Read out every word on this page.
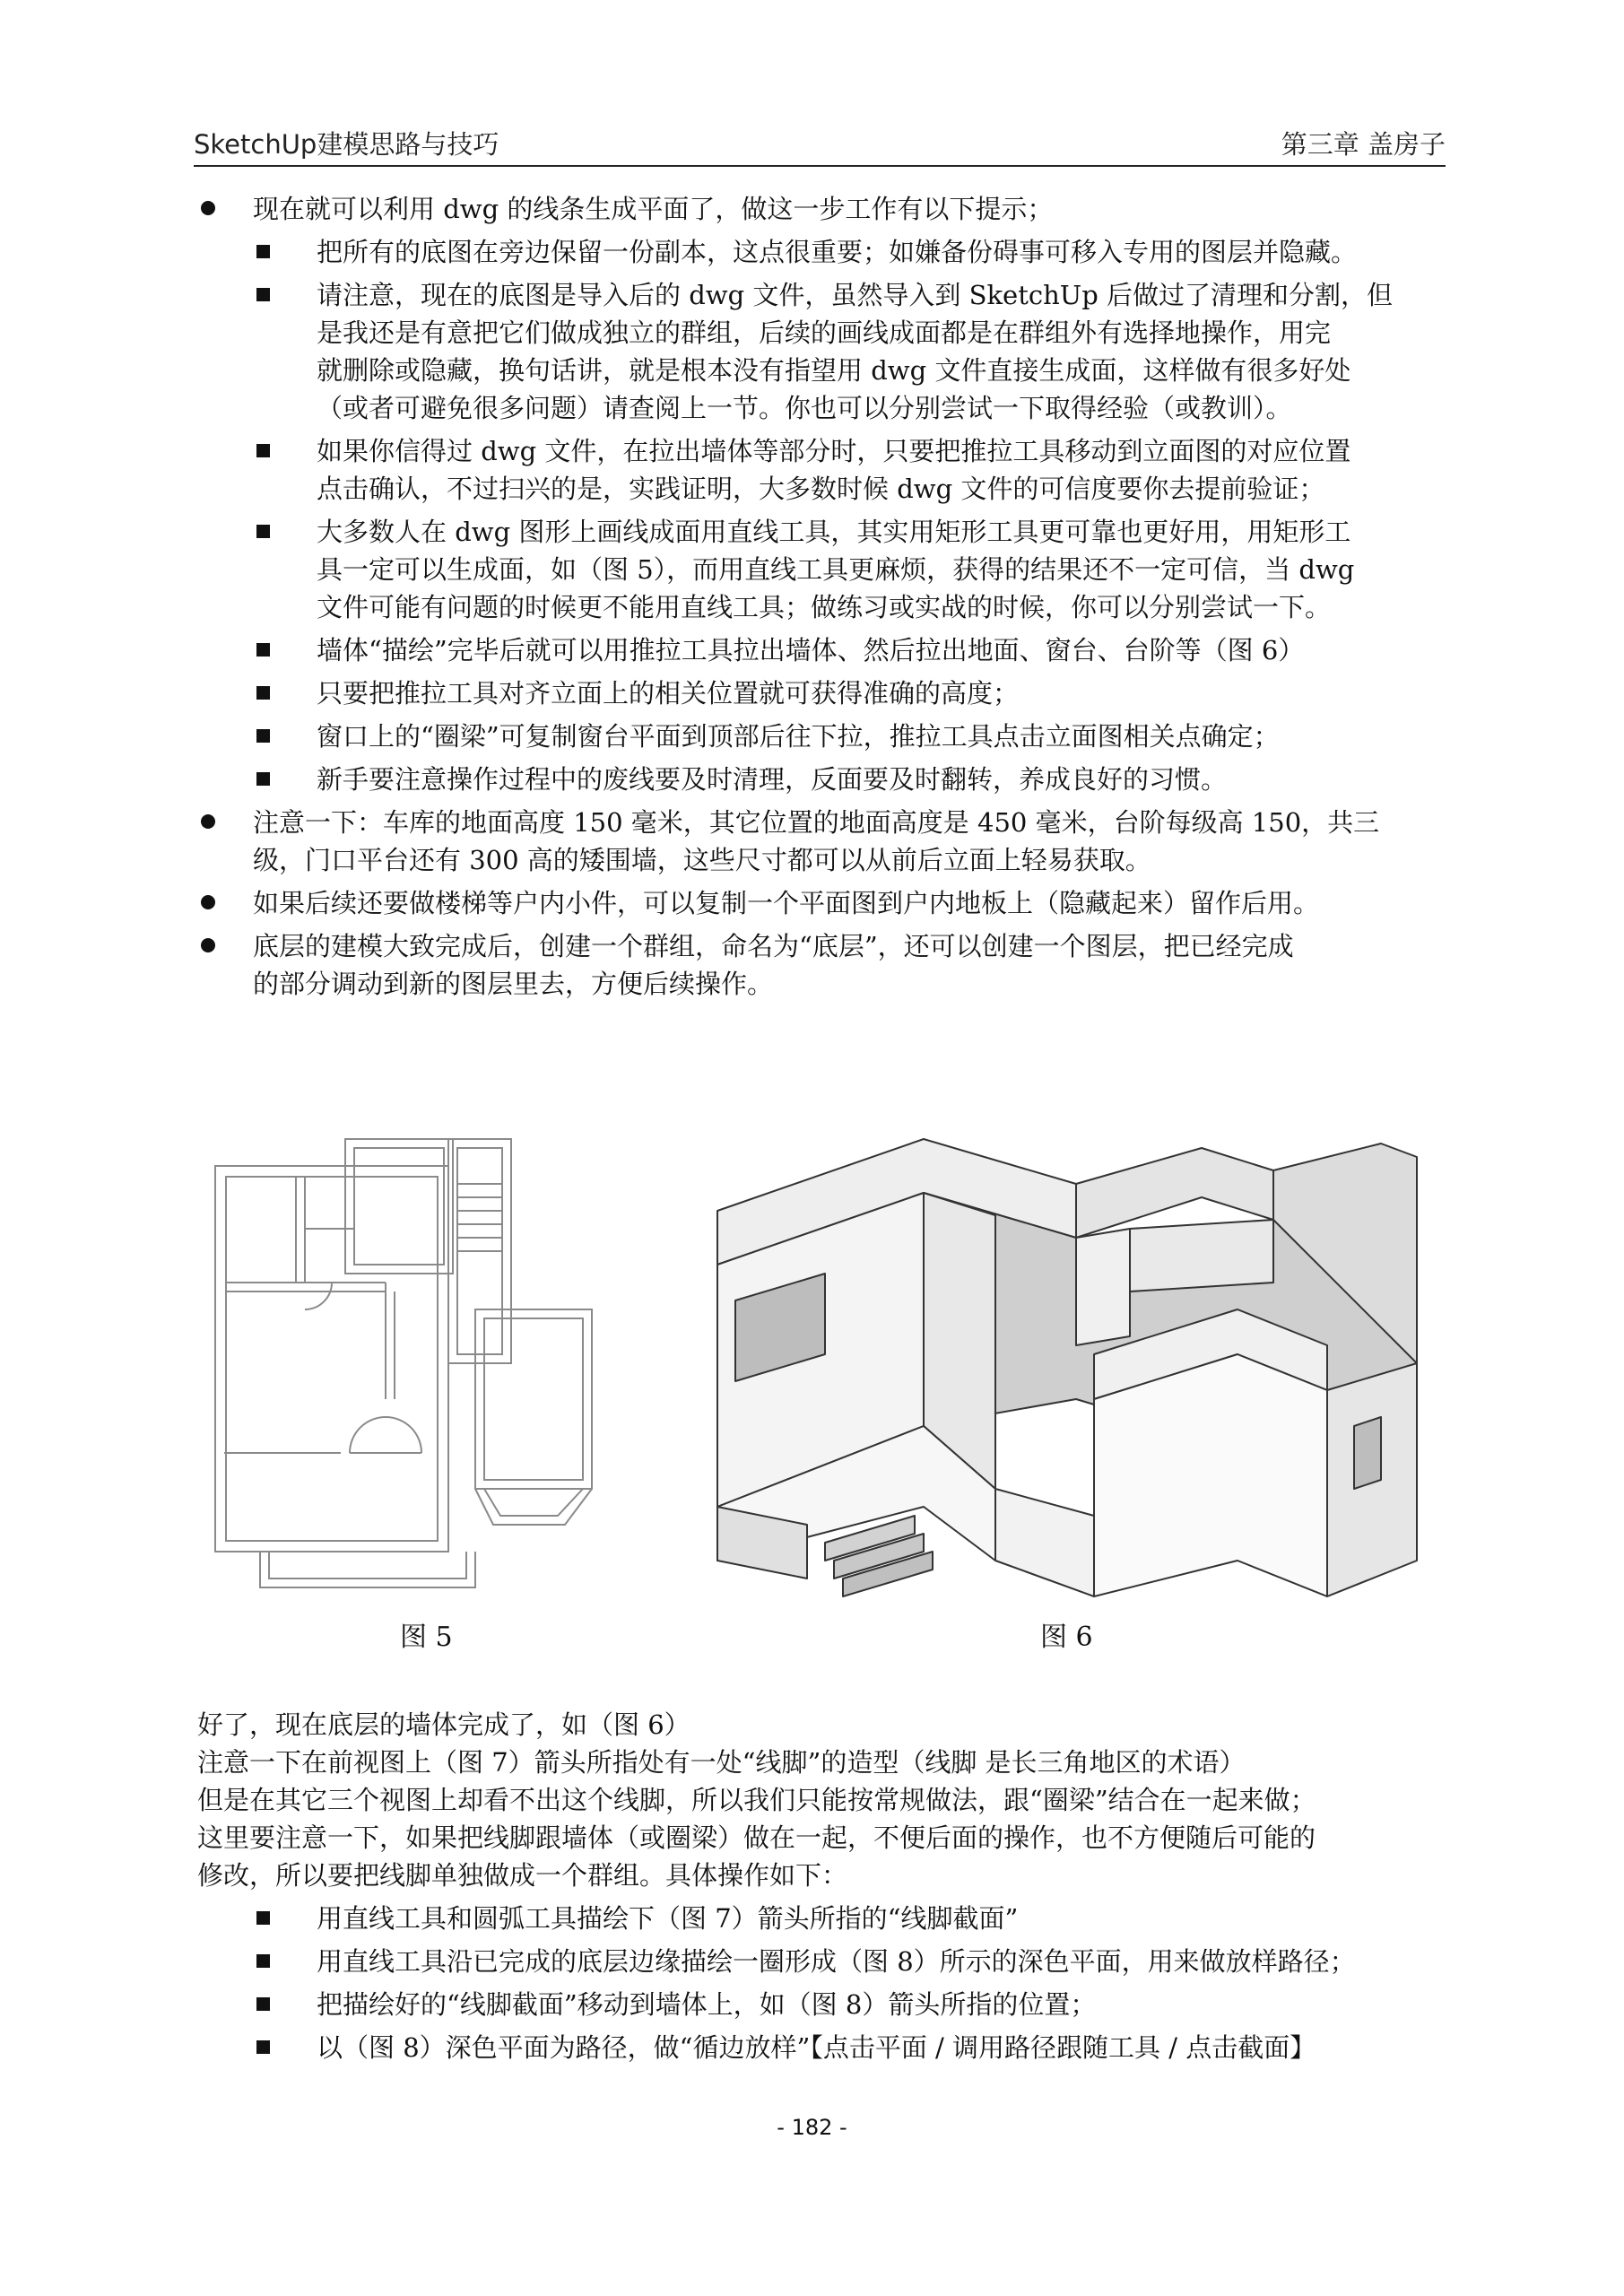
SketchUp建模思路与技巧	第三章 盖房子
现在就可以利用 dwg 的线条生成平面了，做这一步工作有以下提示；
把所有的底图在旁边保留一份副本，这点很重要；如嫌备份碍事可移入专用的图层并隐藏。
请注意，现在的底图是导入后的 dwg 文件，虽然导入到 SketchUp 后做过了清理和分割，但
是我还是有意把它们做成独立的群组，后续的画线成面都是在群组外有选择地操作，用完
就删除或隐藏，换句话讲，就是根本没有指望用 dwg 文件直接生成面，这样做有很多好处
（或者可避免很多问题）请查阅上一节。你也可以分别尝试一下取得经验（或教训）。
如果你信得过 dwg 文件，在拉出墙体等部分时，只要把推拉工具移动到立面图的对应位置
点击确认，不过扫兴的是，实践证明，大多数时候 dwg 文件的可信度要你去提前验证；
大多数人在 dwg 图形上画线成面用直线工具，其实用矩形工具更可靠也更好用，用矩形工
具一定可以生成面，如（图 5），而用直线工具更麻烦，获得的结果还不一定可信，当 dwg
文件可能有问题的时候更不能用直线工具；做练习或实战的时候，你可以分别尝试一下。
墙体“描绘”完毕后就可以用推拉工具拉出墙体、然后拉出地面、窗台、台阶等（图 6）
只要把推拉工具对齐立面上的相关位置就可获得准确的高度；
窗口上的“圈梁”可复制窗台平面到顶部后往下拉，推拉工具点击立面图相关点确定；
新手要注意操作过程中的废线要及时清理，反面要及时翻转，养成良好的习惯。
注意一下：车库的地面高度 150 毫米，其它位置的地面高度是 450 毫米，台阶每级高 150，共三
级，门口平台还有 300 高的矮围墙，这些尺寸都可以从前后立面上轻易获取。
如果后续还要做楼梯等户内小件，可以复制一个平面图到户内地板上（隐藏起来）留作后用。
底层的建模大致完成后，创建一个群组，命名为“底层”，还可以创建一个图层，把已经完成
的部分调动到新的图层里去，方便后续操作。
图 5	图 6
好了，现在底层的墙体完成了，如（图 6）
注意一下在前视图上（图 7）箭头所指处有一处“线脚”的造型（线脚 是长三角地区的术语）
但是在其它三个视图上却看不出这个线脚，所以我们只能按常规做法，跟“圈梁”结合在一起来做；
这里要注意一下，如果把线脚跟墙体（或圈梁）做在一起，不便后面的操作，也不方便随后可能的
修改，所以要把线脚单独做成一个群组。具体操作如下：
用直线工具和圆弧工具描绘下（图 7）箭头所指的“线脚截面”
用直线工具沿已完成的底层边缘描绘一圈形成（图 8）所示的深色平面，用来做放样路径；
把描绘好的“线脚截面”移动到墙体上，如（图 8）箭头所指的位置；
以（图 8）深色平面为路径，做“循边放样”【点击平面 / 调用路径跟随工具 / 点击截面】
- 182 -
